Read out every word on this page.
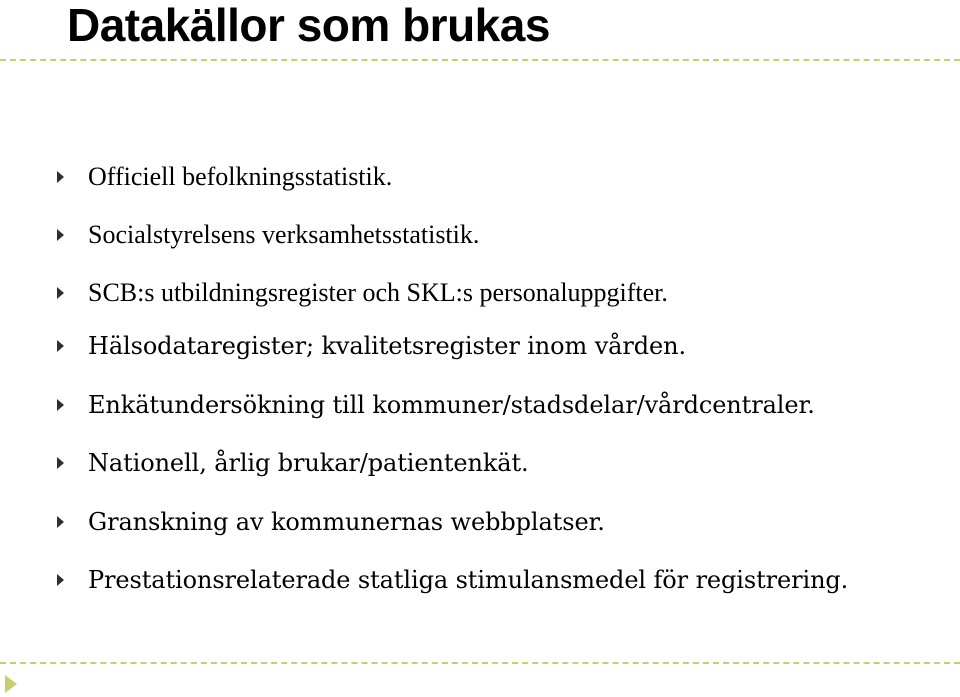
Datakällor som brukas
Officiell befolkningsstatistik.
Socialstyrelsens verksamhetsstatistik.
SCB:s utbildningsregister och SKL:s personaluppgifter.
Hälsodataregister; kvalitetsregister inom vården.
Enkätundersökning till kommuner/stadsdelar/vårdcentraler.
Nationell, årlig brukar/patientenkät.
Granskning av kommunernas webbplatser.
Prestationsrelaterade statliga stimulansmedel för registrering.
